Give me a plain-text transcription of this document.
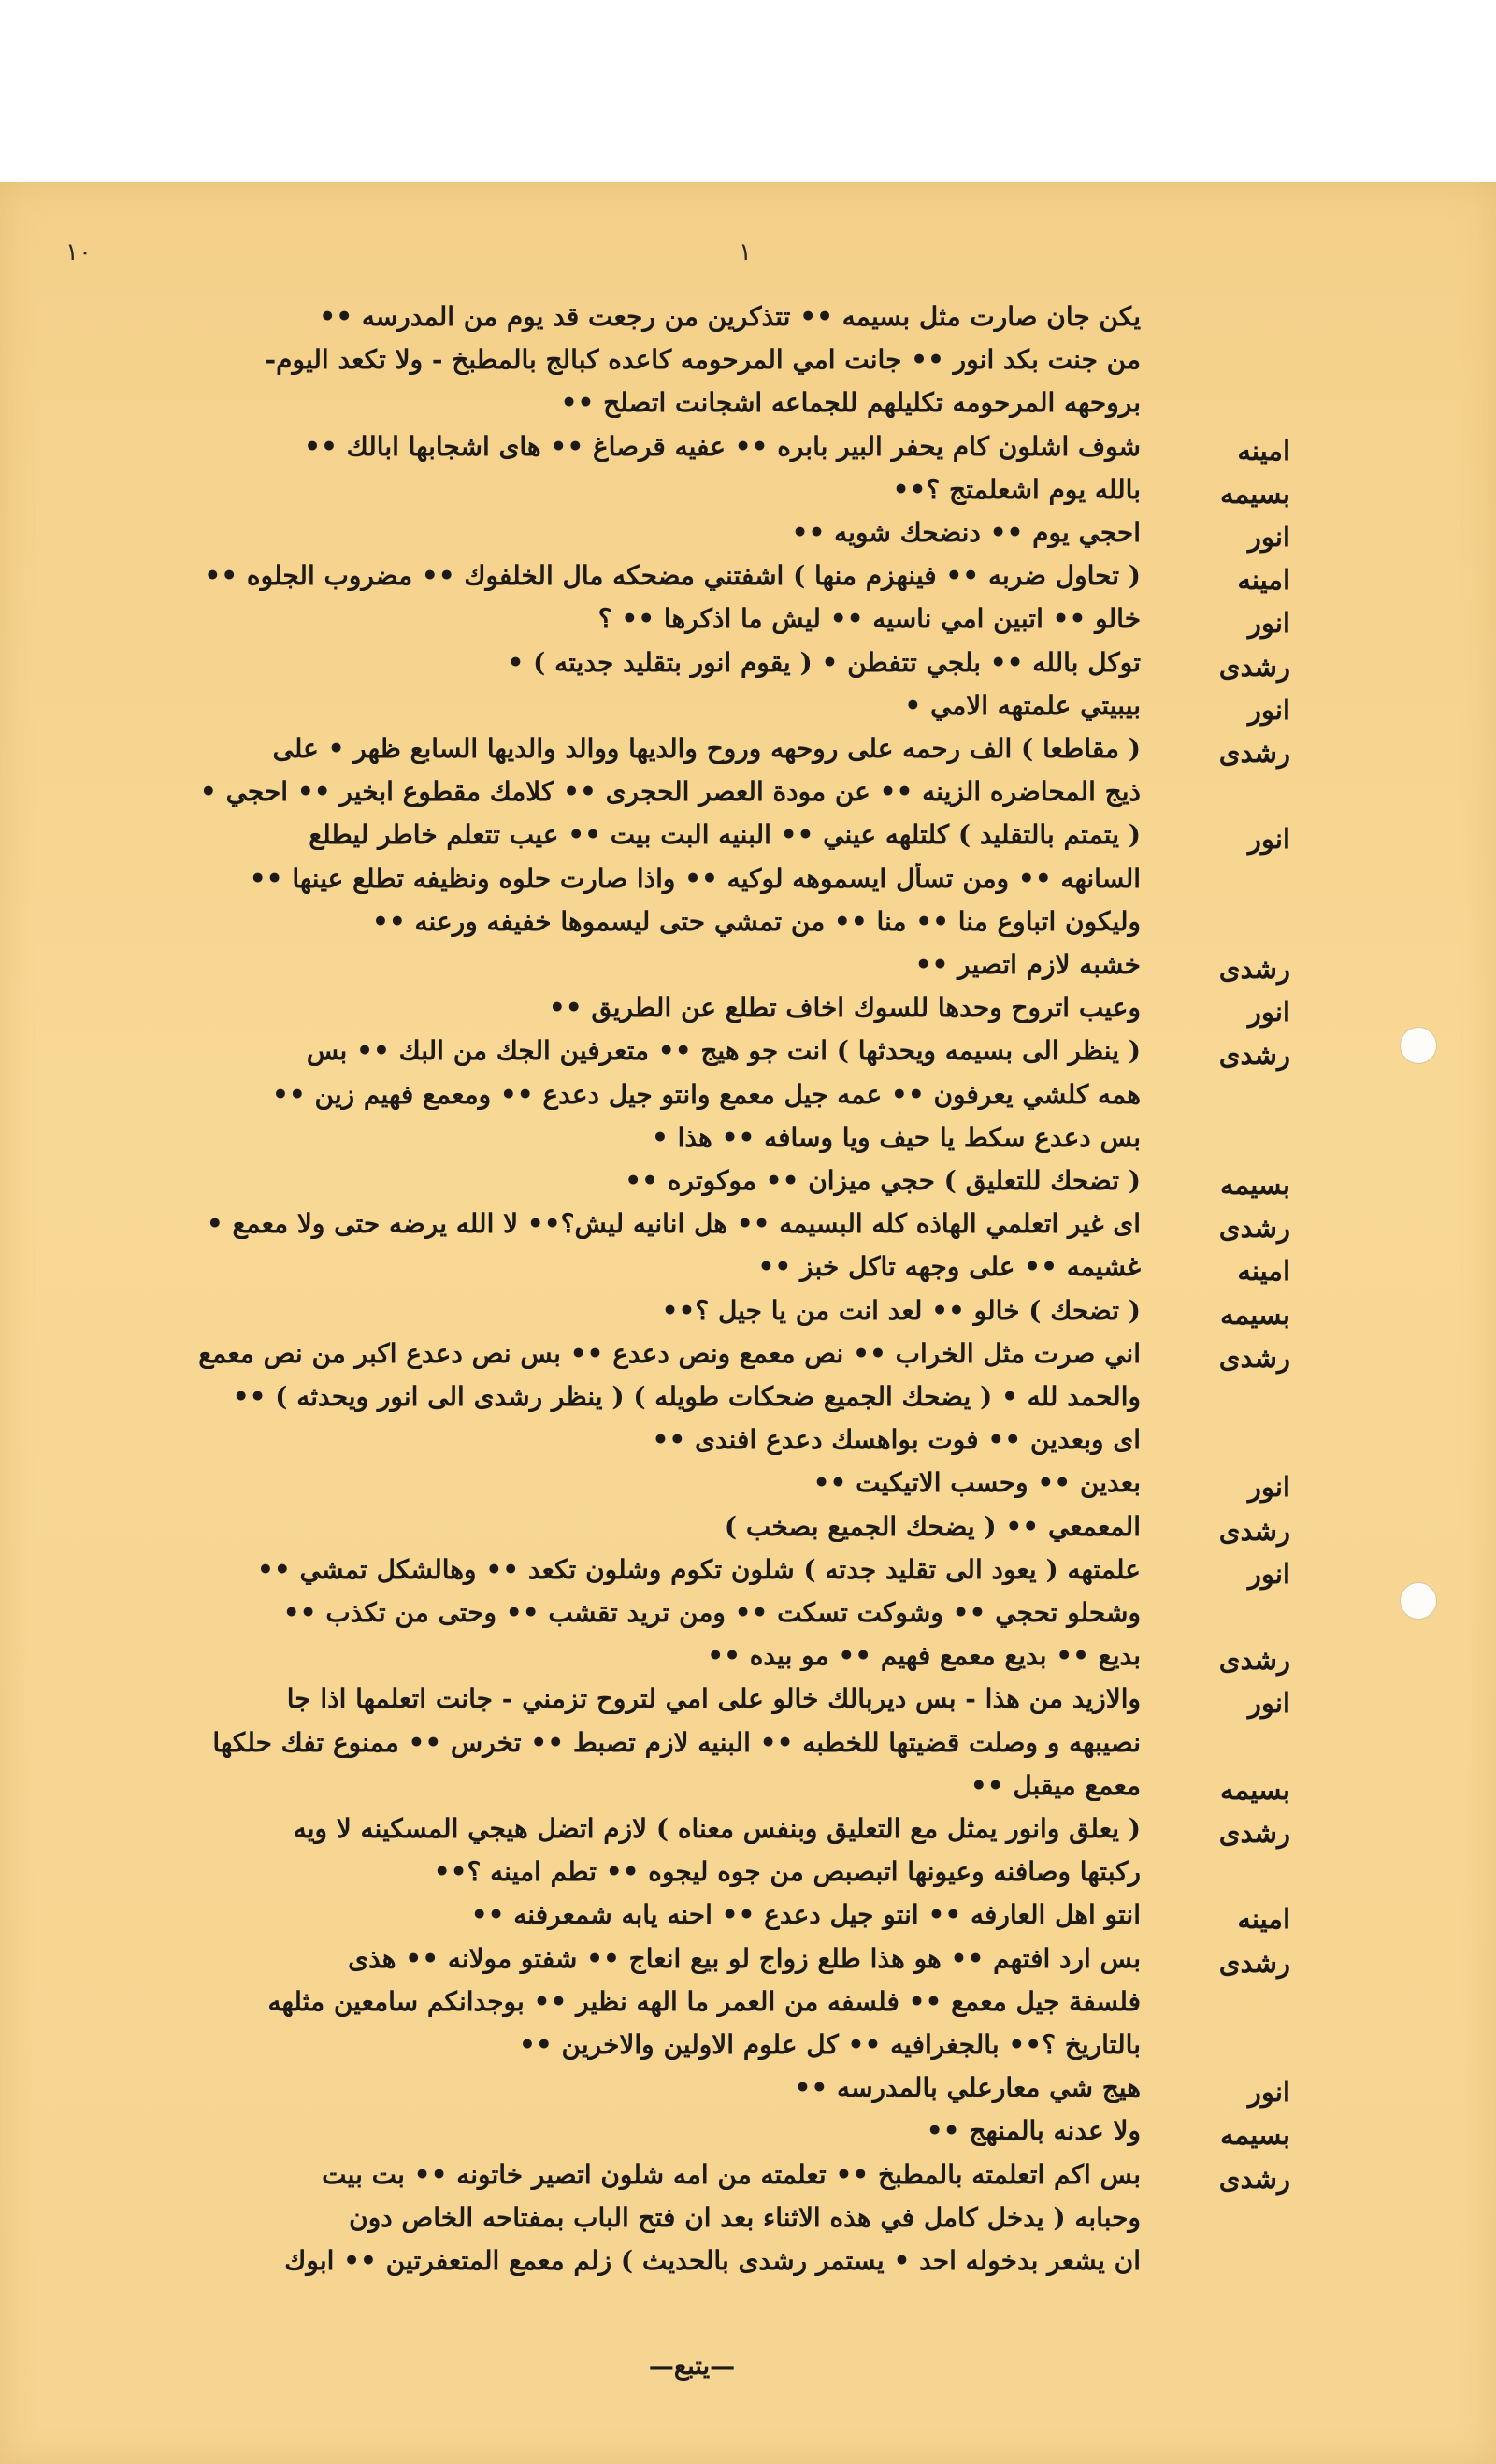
١٠	١
يكن جان صارت مثل بسيمه •• تتذكرين من رجعت قد يوم من المدرسه ••
من جنت بكد انور •• جانت امي المرحومه كاعده كبالج بالمطبخ - ولا تكعد اليوم-
بروحهه المرحومه تكليلهم للجماعه اشجانت اتصلح ••
امينه
شوف اشلون كام يحفر البير بابره •• عفيه قرصاغ •• هاى اشجابها ابالك ••
بسيمه
بالله يوم اشعلمتج ؟••
انور
احجي يوم •• دنضحك شويه ••
امينه
( تحاول ضربه •• فينهزم منها ) اشفتني مضحكه مال الخلفوك •• مضروب الجلوه ••
انور
خالو •• اتبين امي ناسيه •• ليش ما اذكرها •• ؟
رشدى
توكل بالله •• بلجي تتفطن • ( يقوم انور بتقليد جديته ) •
انور
بيبيتي علمتهه الامي •
رشدى
( مقاطعا ) الف رحمه على روحهه وروح والديها ووالد والديها السابع ظهر • على
ذيج المحاضره الزينه •• عن مودة العصر الحجرى •• كلامك مقطوع ابخير •• احجي •
انور
( يتمتم بالتقليد ) كلتلهه عيني •• البنيه البت بيت •• عيب تتعلم خاطر ليطلع
السانهه •• ومن تسأل ايسموهه لوكيه •• واذا صارت حلوه ونظيفه تطلع عينها ••
وليكون اتباوع منا •• منا •• من تمشي حتى ليسموها خفيفه ورعنه ••
رشدى
خشبه لازم اتصير ••
انور
وعيب اتروح وحدها للسوك اخاف تطلع عن الطريق ••
رشدى
( ينظر الى بسيمه ويحدثها ) انت جو هيج •• متعرفين الجك من البك •• بس
همه كلشي يعرفون •• عمه جيل معمع وانتو جيل دعدع •• ومعمع فهيم زين ••
بس دعدع سكط يا حيف ويا وسافه •• هذا •
بسيمه
( تضحك للتعليق ) حجي ميزان •• موكوتره ••
رشدى
اى غير اتعلمي الهاذه كله البسيمه •• هل انانيه ليش؟•• لا الله يرضه حتى ولا معمع •
امينه
غشيمه •• على وجهه تاكل خبز ••
بسيمه
( تضحك ) خالو •• لعد انت من يا جيل ؟••
رشدى
اني صرت مثل الخراب •• نص معمع ونص دعدع •• بس نص دعدع اكبر من نص معمع
والحمد لله • ( يضحك الجميع ضحكات طويله ) ( ينظر رشدى الى انور ويحدثه ) ••
اى وبعدين •• فوت بواهسك دعدع افندى ••
انور
بعدين •• وحسب الاتيكيت ••
رشدى
المعمعي •• ( يضحك الجميع بصخب )
انور
علمتهه ( يعود الى تقليد جدته ) شلون تكوم وشلون تكعد •• وهالشكل تمشي ••
وشحلو تحجي •• وشوكت تسكت •• ومن تريد تقشب •• وحتى من تكذب ••
رشدى
بديع •• بديع معمع فهيم •• مو بيده ••
انور
والازيد من هذا - بس ديربالك خالو على امي لتروح تزمني - جانت اتعلمها اذا جا
نصيبهه و وصلت قضيتها للخطبه •• البنيه لازم تصبط •• تخرس •• ممنوع تفك حلكها
بسيمه
معمع ميقبل ••
رشدى
( يعلق وانور يمثل مع التعليق وبنفس معناه ) لازم اتضل هيجي المسكينه لا ويه
ركبتها وصافنه وعيونها اتبصبص من جوه ليجوه •• تطم امينه ؟••
امينه
انتو اهل العارفه •• انتو جيل دعدع •• احنه يابه شمعرفنه ••
رشدى
بس ارد افتهم •• هو هذا طلع زواج لو بيع انعاج •• شفتو مولانه •• هذى
فلسفة جيل معمع •• فلسفه من العمر ما الهه نظير •• بوجدانكم سامعين مثلهه
بالتاريخ ؟•• بالجغرافيه •• كل علوم الاولين والاخرين ••
انور
هيج شي معارعلي بالمدرسه ••
بسيمه
ولا عدنه بالمنهج ••
رشدى
بس اكم اتعلمته بالمطبخ •• تعلمته من امه شلون اتصير خاتونه •• بت بيت
وحبابه ( يدخل كامل في هذه الاثناء بعد ان فتح الباب بمفتاحه الخاص دون
ان يشعر بدخوله احد • يستمر رشدى بالحديث ) زلم معمع المتعفرتين •• ابوك
—يتبع—
